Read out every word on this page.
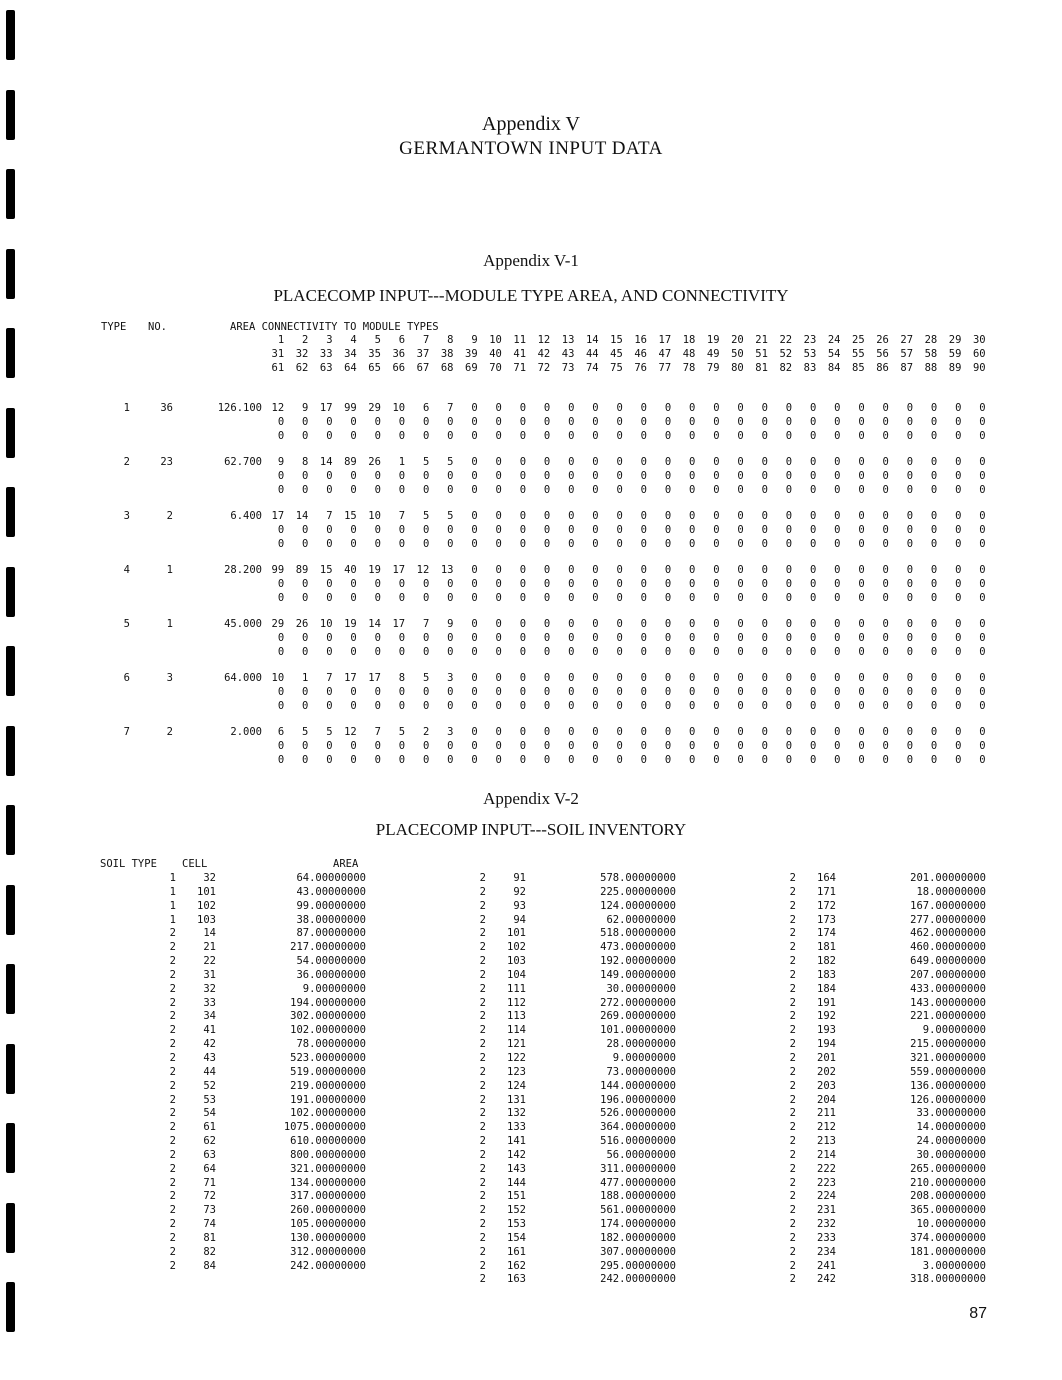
Appendix V
GERMANTOWN INPUT DATA
Appendix V-1
PLACECOMP INPUT---MODULE TYPE AREA, AND CONNECTIVITY
TYPE NO.	AREA CONNECTIVITY TO MODULE TYPES
1	2	3	4	5	6	7	8	9	10	11	12	13	14	15	16	17	18	19	20	21	22	23	24	25	26	27	28	29	30
31	32	33	34	35	36	37	38	39	40	41	42	43	44	45	46	47	48	49	50	51	52	53	54	55	56	57	58	59	60
61	62	63	64	65	66	67	68	69	70	71	72	73	74	75	76	77	78	79	80	81	82	83	84	85	86	87	88	89	90
1	36	126.100 12	9	17	99	29	10	6	7	0	0	0	0	0	0	0	0	0	0	0	0	0	0	0	0	0	0	0	0	0	0
0	0	0	0	0	0	0	0	0	0	0	0	0	0	0	0	0	0	0	0	0	0	0	0	0	0	0	0	0	0
0	0	0	0	0	0	0	0	0	0	0	0	0	0	0	0	0	0	0	0	0	0	0	0	0	0	0	0	0	0
2	23	62.700	9	8	14	89	26	1	5	5	0	0	0	0	0	0	0	0	0	0	0	0	0	0	0	0	0	0	0	0	0	0
0	0	0	0	0	0	0	0	0	0	0	0	0	0	0	0	0	0	0	0	0	0	0	0	0	0	0	0	0	0
0	0	0	0	0	0	0	0	0	0	0	0	0	0	0	0	0	0	0	0	0	0	0	0	0	0	0	0	0	0
3	2	6.400 17	14	7	15	10	7	5	5	0	0	0	0	0	0	0	0	0	0	0	0	0	0	0	0	0	0	0	0	0	0
0	0	0	0	0	0	0	0	0	0	0	0	0	0	0	0	0	0	0	0	0	0	0	0	0	0	0	0	0	0
0	0	0	0	0	0	0	0	0	0	0	0	0	0	0	0	0	0	0	0	0	0	0	0	0	0	0	0	0	0
4	1	28.200 99	89	15	40	19	17	12	13	0	0	0	0	0	0	0	0	0	0	0	0	0	0	0	0	0	0	0	0	0	0
0	0	0	0	0	0	0	0	0	0	0	0	0	0	0	0	0	0	0	0	0	0	0	0	0	0	0	0	0	0
0	0	0	0	0	0	0	0	0	0	0	0	0	0	0	0	0	0	0	0	0	0	0	0	0	0	0	0	0	0
5	1	45.000 29	26	10	19	14	17	7	9	0	0	0	0	0	0	0	0	0	0	0	0	0	0	0	0	0	0	0	0	0	0
0	0	0	0	0	0	0	0	0	0	0	0	0	0	0	0	0	0	0	0	0	0	0	0	0	0	0	0	0	0
0	0	0	0	0	0	0	0	0	0	0	0	0	0	0	0	0	0	0	0	0	0	0	0	0	0	0	0	0	0
6	3	64.000 10	1	7	17	17	8	5	3	0	0	0	0	0	0	0	0	0	0	0	0	0	0	0	0	0	0	0	0	0	0
0	0	0	0	0	0	0	0	0	0	0	0	0	0	0	0	0	0	0	0	0	0	0	0	0	0	0	0	0	0
0	0	0	0	0	0	0	0	0	0	0	0	0	0	0	0	0	0	0	0	0	0	0	0	0	0	0	0	0	0
7	2	2.000	6	5	5	12	7	5	2	3	0	0	0	0	0	0	0	0	0	0	0	0	0	0	0	0	0	0	0	0	0	0
0	0	0	0	0	0	0	0	0	0	0	0	0	0	0	0	0	0	0	0	0	0	0	0	0	0	0	0	0	0
0	0	0	0	0	0	0	0	0	0	0	0	0	0	0	0	0	0	0	0	0	0	0	0	0	0	0	0	0	0
Appendix V-2
PLACECOMP INPUT---SOIL INVENTORY
SOIL TYPE CELL	AREA
1	32	64.00000000
1	101	43.00000000
1	102	99.00000000
1	103	38.00000000
2	14	87.00000000
2	21	217.00000000
2	22	54.00000000
2	31	36.00000000
2	32	9.00000000
2	33	194.00000000
2	34	302.00000000
2	41	102.00000000
2	42	78.00000000
2	43	523.00000000
2	44	519.00000000
2	52	219.00000000
2	53	191.00000000
2	54	102.00000000
2	61	1075.00000000
2	62	610.00000000
2	63	800.00000000
2	64	321.00000000
2	71	134.00000000
2	72	317.00000000
2	73	260.00000000
2	74	105.00000000
2	81	130.00000000
2	82	312.00000000
2	84	242.00000000
2	91	578.00000000
2	92	225.00000000
2	93	124.00000000
2	94	62.00000000
2	101	518.00000000
2	102	473.00000000
2	103	192.00000000
2	104	149.00000000
2	111	30.00000000
2	112	272.00000000
2	113	269.00000000
2	114	101.00000000
2	121	28.00000000
2	122	9.00000000
2	123	73.00000000
2	124	144.00000000
2	131	196.00000000
2	132	526.00000000
2	133	364.00000000
2	141	516.00000000
2	142	56.00000000
2	143	311.00000000
2	144	477.00000000
2	151	188.00000000
2	152	561.00000000
2	153	174.00000000
2	154	182.00000000
2	161	307.00000000
2	162	295.00000000
2	163	242.00000000
2	164	201.00000000
2	171	18.00000000
2	172	167.00000000
2	173	277.00000000
2	174	462.00000000
2	181	460.00000000
2	182	649.00000000
2	183	207.00000000
2	184	433.00000000
2	191	143.00000000
2	192	221.00000000
2	193	9.00000000
2	194	215.00000000
2	201	321.00000000
2	202	559.00000000
2	203	136.00000000
2	204	126.00000000
2	211	33.00000000
2	212	14.00000000
2	213	24.00000000
2	214	30.00000000
2	222	265.00000000
2	223	210.00000000
2	224	208.00000000
2	231	365.00000000
2	232	10.00000000
2	233	374.00000000
2	234	181.00000000
2	241	3.00000000
2	242	318.00000000
87
